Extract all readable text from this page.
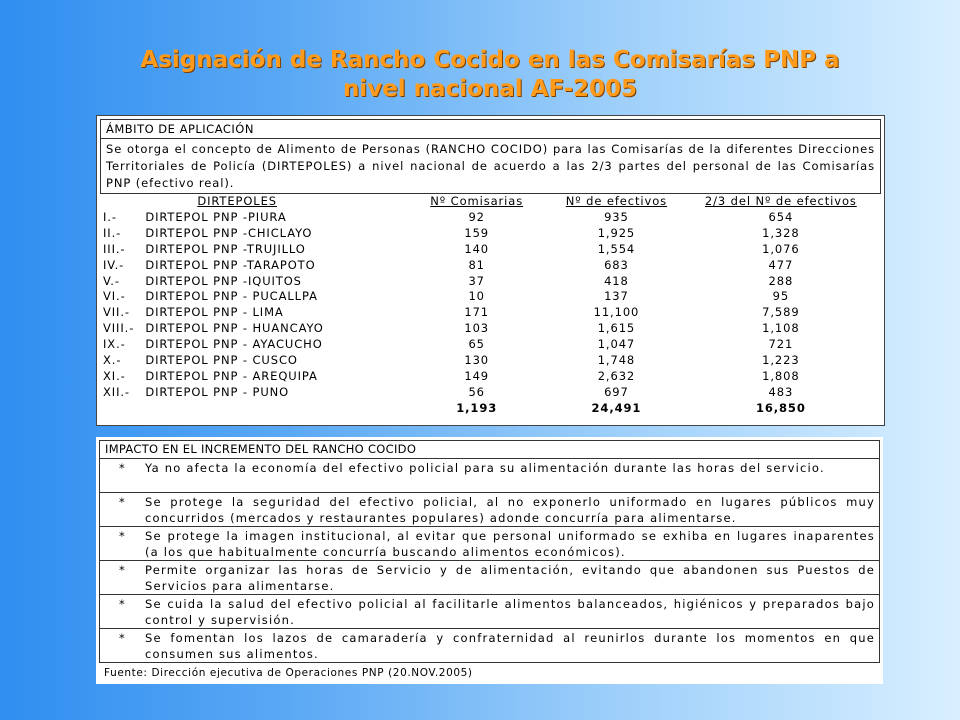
Asignación de Rancho Cocido en las Comisarías PNP a
nivel nacional AF-2005
ÁMBITO DE APLICACIÓN
Se otorga el concepto de Alimento de Personas (RANCHO COCIDO) para las Comisarías de la diferentes Direcciones Territoriales de Policía (DIRTEPOLES) a nivel nacional de acuerdo a las 2/3 partes del personal de las Comisarías PNP (efectivo real).
	DIRTEPOLES	Nº Comisarias	Nº de efectivos	2/3 del Nº de efectivos
I.-	DIRTEPOL PNP -PIURA	92	935	654
II.-	DIRTEPOL PNP -CHICLAYO	159	1,925	1,328
III.-	DIRTEPOL PNP -TRUJILLO	140	1,554	1,076
IV.-	DIRTEPOL PNP -TARAPOTO	81	683	477
V.-	DIRTEPOL PNP -IQUITOS	37	418	288
VI.-	DIRTEPOL PNP - PUCALLPA	10	137	95
VII.-	DIRTEPOL PNP - LIMA	171	11,100	7,589
VIII.-	DIRTEPOL PNP - HUANCAYO	103	1,615	1,108
IX.-	DIRTEPOL PNP - AYACUCHO	65	1,047	721
X.-	DIRTEPOL PNP - CUSCO	130	1,748	1,223
XI.-	DIRTEPOL PNP - AREQUIPA	149	2,632	1,808
XII.-	DIRTEPOL PNP - PUNO	56	697	483
		1,193	24,491	16,850
IMPACTO EN EL INCREMENTO DEL RANCHO COCIDO
*	Ya no afecta la economía del efectivo policial para su alimentación durante las horas del servicio.
*	Se protege la seguridad del efectivo policial, al no exponerlo uniformado en lugares públicos muy concurridos (mercados y restaurantes populares) adonde concurría para alimentarse.
*	Se protege la imagen institucional, al evitar que personal uniformado se exhiba en lugares inaparentes (a los que habitualmente concurría buscando alimentos económicos).
*	Permite organizar las horas de Servicio y de alimentación, evitando que abandonen sus Puestos de Servicios para alimentarse.
*	Se cuida la salud del efectivo policial al facilitarle alimentos balanceados, higiénicos y preparados bajo control y supervisión.
*	Se fomentan los lazos de camaradería y confraternidad al reunirlos durante los momentos en que consumen sus alimentos.
Fuente: Dirección ejecutiva de Operaciones PNP (20.NOV.2005)
